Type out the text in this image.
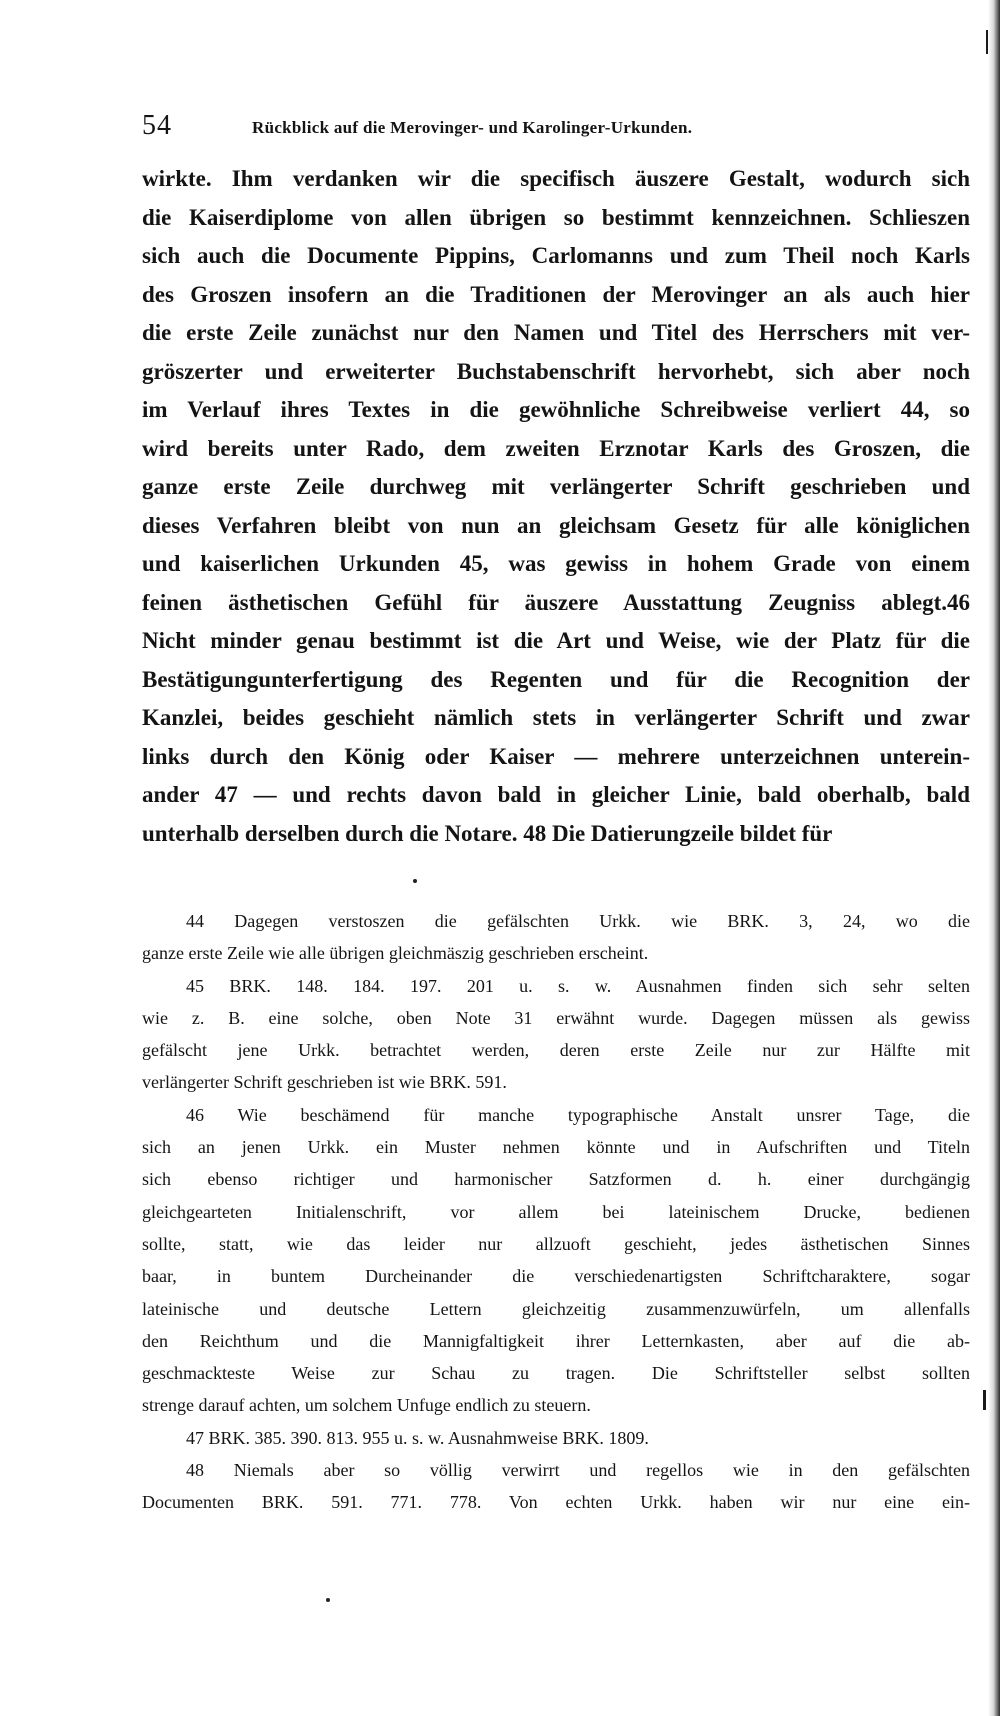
54	Rückblick auf die Merovinger- und Karolinger-Urkunden.
wirkte. Ihm verdanken wir die specifisch äuszere Gestalt, wodurch sich
die Kaiserdiplome von allen übrigen so bestimmt kennzeichnen. Schlieszen
sich auch die Documente Pippins, Carlomanns und zum Theil noch Karls
des Groszen insofern an die Traditionen der Merovinger an als auch hier
die erste Zeile zunächst nur den Namen und Titel des Herrschers mit ver-
gröszerter und erweiterter Buchstabenschrift hervorhebt, sich aber noch
im Verlauf ihres Textes in die gewöhnliche Schreibweise verliert 44, so
wird bereits unter Rado, dem zweiten Erznotar Karls des Groszen, die
ganze erste Zeile durchweg mit verlängerter Schrift geschrieben und
dieses Verfahren bleibt von nun an gleichsam Gesetz für alle königlichen
und kaiserlichen Urkunden 45, was gewiss in hohem Grade von einem
feinen ästhetischen Gefühl für äuszere Ausstattung Zeugniss ablegt.46
Nicht minder genau bestimmt ist die Art und Weise, wie der Platz für die
Bestätigungunterfertigung des Regenten und für die Recognition der
Kanzlei, beides geschieht nämlich stets in verlängerter Schrift und zwar
links durch den König oder Kaiser — mehrere unterzeichnen unterein-
ander 47 — und rechts davon bald in gleicher Linie, bald oberhalb, bald
unterhalb derselben durch die Notare. 48 Die Datierungzeile bildet für
44 Dagegen verstoszen die gefälschten Urkk. wie BRK. 3, 24, wo die
ganze erste Zeile wie alle übrigen gleichmäszig geschrieben erscheint.
45 BRK. 148. 184. 197. 201 u. s. w. Ausnahmen finden sich sehr selten
wie z. B. eine solche, oben Note 31 erwähnt wurde. Dagegen müssen als gewiss
gefälscht jene Urkk. betrachtet werden, deren erste Zeile nur zur Hälfte mit
verlängerter Schrift geschrieben ist wie BRK. 591.
46 Wie beschämend für manche typographische Anstalt unsrer Tage, die
sich an jenen Urkk. ein Muster nehmen könnte und in Aufschriften und Titeln
sich ebenso richtiger und harmonischer Satzformen d. h. einer durchgängig
gleichgearteten Initialenschrift, vor allem bei lateinischem Drucke, bedienen
sollte, statt, wie das leider nur allzuoft geschieht, jedes ästhetischen Sinnes
baar, in buntem Durcheinander die verschiedenartigsten Schriftcharaktere, sogar
lateinische und deutsche Lettern gleichzeitig zusammenzuwürfeln, um allenfalls
den Reichthum und die Mannigfaltigkeit ihrer Letternkasten, aber auf die ab-
geschmackteste Weise zur Schau zu tragen. Die Schriftsteller selbst sollten
strenge darauf achten, um solchem Unfuge endlich zu steuern.
47 BRK. 385. 390. 813. 955 u. s. w. Ausnahmweise BRK. 1809.
48 Niemals aber so völlig verwirrt und regellos wie in den gefälschten
Documenten BRK. 591. 771. 778. Von echten Urkk. haben wir nur eine ein-
